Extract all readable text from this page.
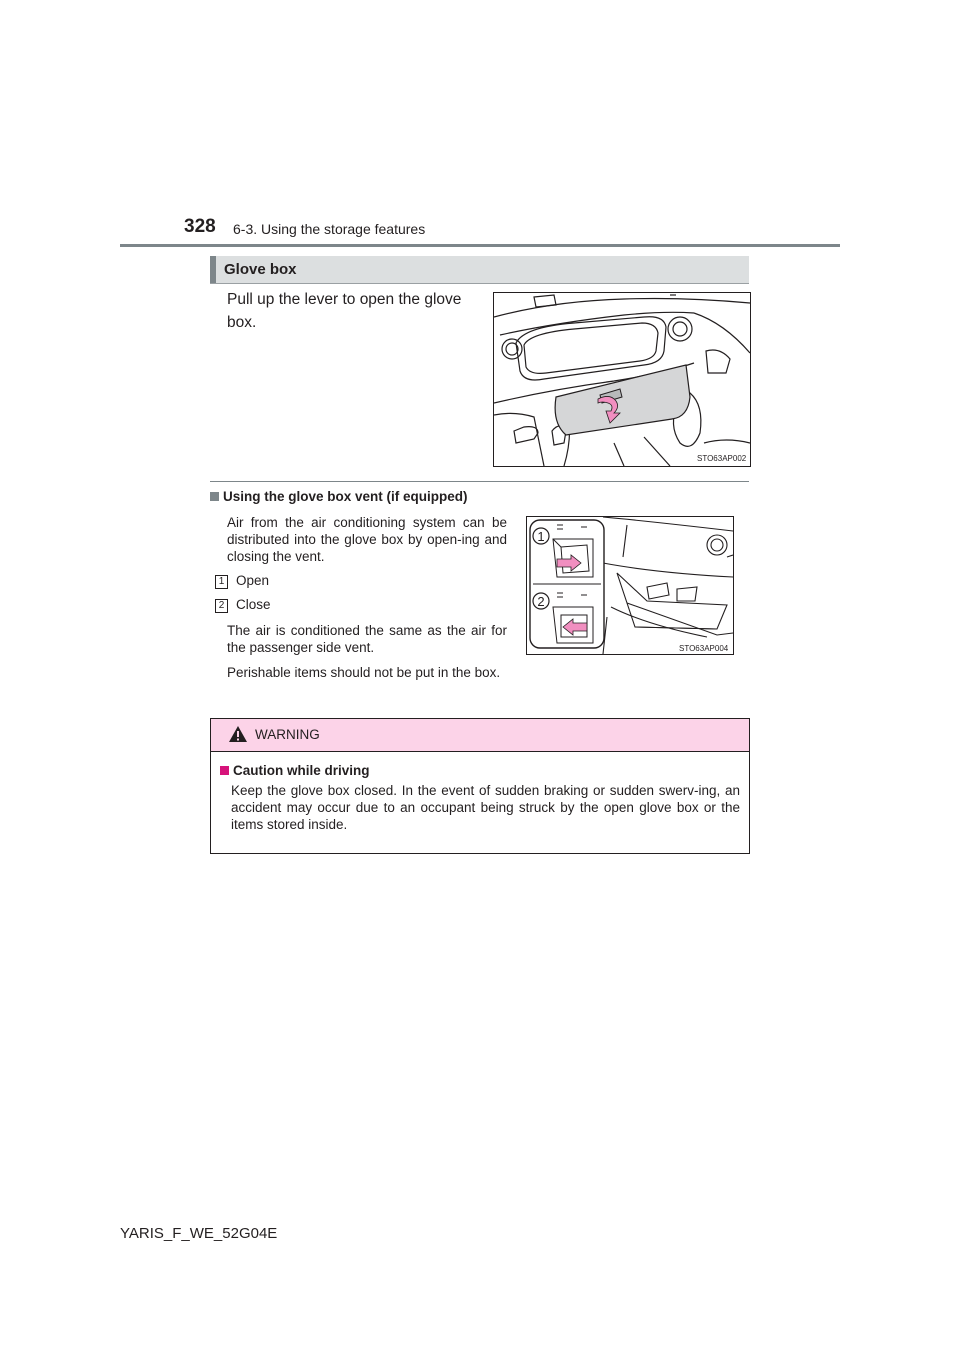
328 6-3. Using the storage features
Glove box
Pull up the lever to open the glove
box.
STO63AP002
Using the glove box vent (if equipped)
Air from the air conditioning system can be distributed into the glove box by open-ing and closing the vent.
1 Open
2 Close
The air is conditioned the same as the air for the passenger side vent.
Perishable items should not be put in the box.
1
2
STO63AP004
WARNING
Caution while driving
Keep the glove box closed. In the event of sudden braking or sudden swerv-ing, an accident may occur due to an occupant being struck by the open glove box or the items stored inside.
YARIS_F_WE_52G04E
